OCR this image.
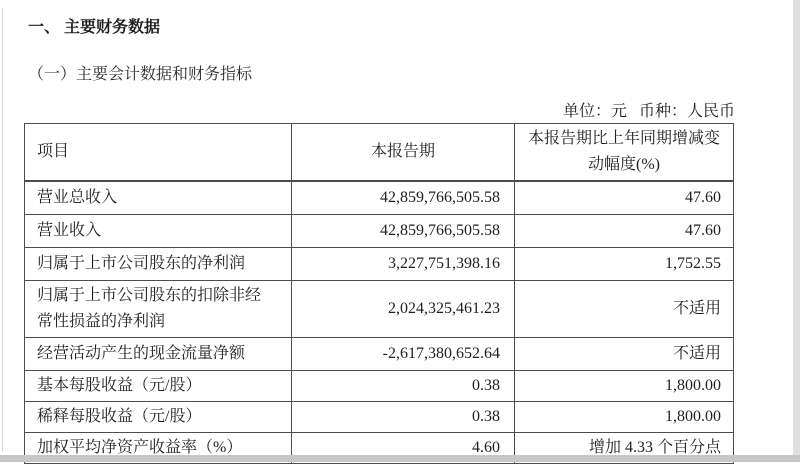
一、 主要财务数据
（一）主要会计数据和财务指标
单位：元   币种：人民币
项目	本报告期	本报告期比上年同期增减变动幅度(%)
营业总收入	42,859,766,505.58	47.60
营业收入	42,859,766,505.58	47.60
归属于上市公司股东的净利润	3,227,751,398.16	1,752.55
归属于上市公司股东的扣除非经常性损益的净利润	2,024,325,461.23	不适用
经营活动产生的现金流量净额	-2,617,380,652.64	不适用
基本每股收益（元/股）	0.38	1,800.00
稀释每股收益（元/股）	0.38	1,800.00
加权平均净资产收益率（%）	4.60	增加 4.33 个百分点
